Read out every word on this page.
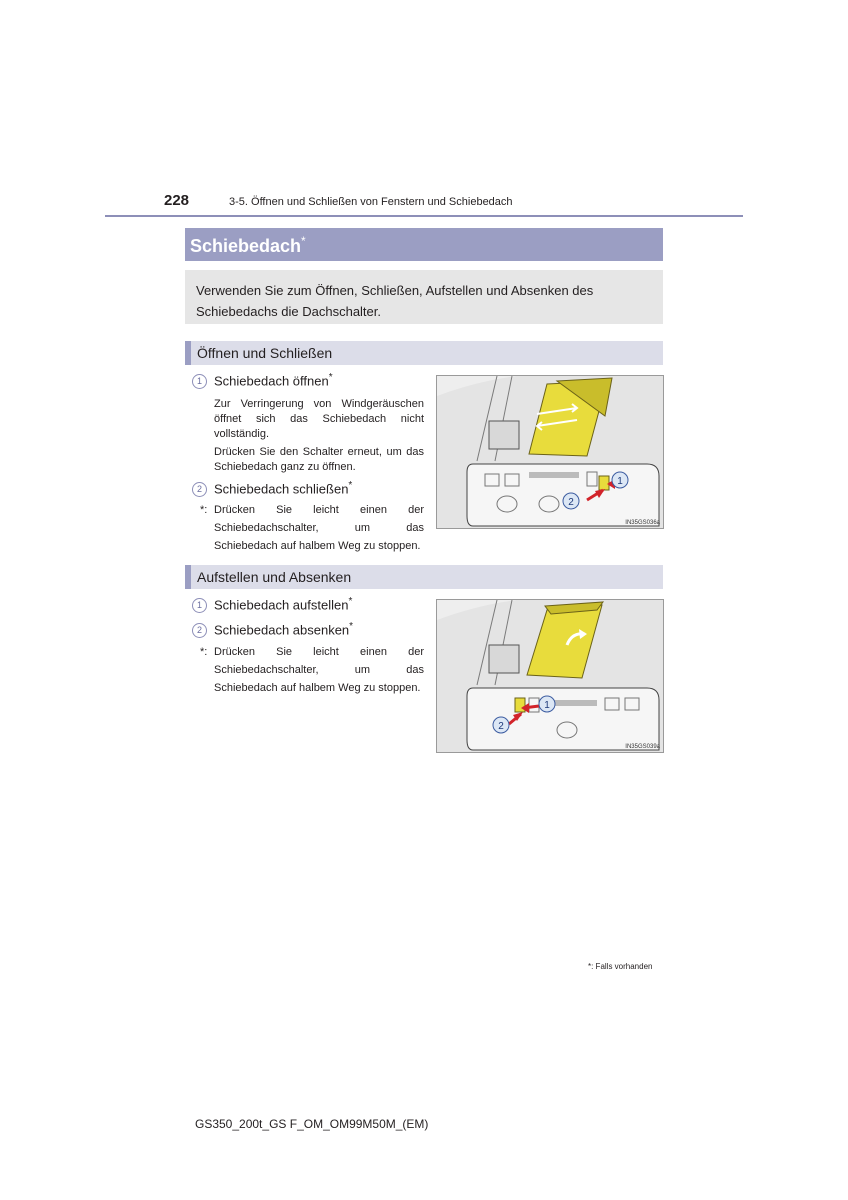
228	3-5. Öffnen und Schließen von Fenstern und Schiebedach
Schiebedach*
Verwenden Sie zum Öffnen, Schließen, Aufstellen und Absenken des Schiebedachs die Dachschalter.
Öffnen und Schließen
1 Schiebedach öffnen*
Zur Verringerung von Windgeräuschen öffnet sich das Schiebedach nicht vollständig.
Drücken Sie den Schalter erneut, um das Schiebedach ganz zu öffnen.
2 Schiebedach schließen*
*: Drücken Sie leicht einen der Schiebedachschalter, um das Schiebedach auf halbem Weg zu stoppen.
1
2
IN35GS036a
Aufstellen und Absenken
1 Schiebedach aufstellen*
2 Schiebedach absenken*
*: Drücken Sie leicht einen der Schiebedachschalter, um das Schiebedach auf halbem Weg zu stoppen.
1
2
IN35GS039a
*: Falls vorhanden
GS350_200t_GS F_OM_OM99M50M_(EM)
